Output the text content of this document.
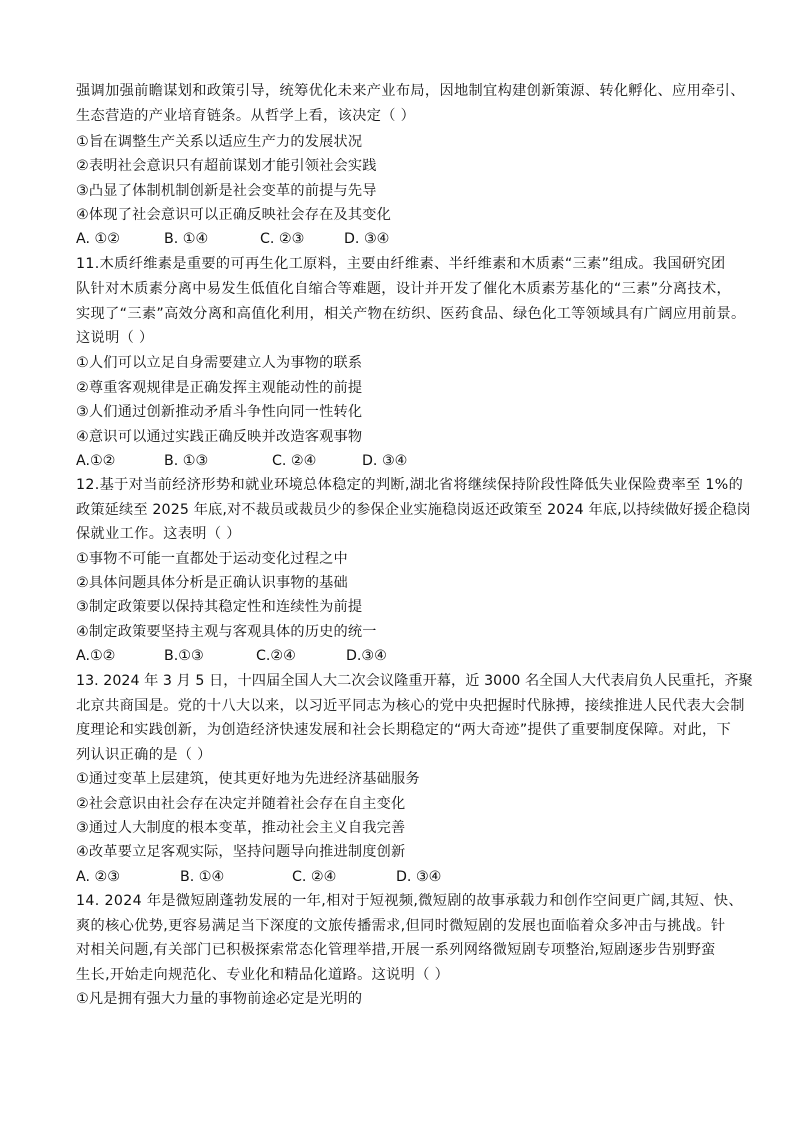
强调加强前瞻谋划和政策引导，统筹优化未来产业布局，因地制宜构建创新策源、转化孵化、应用牵引、
生态营造的产业培育链条。从哲学上看，该决定（ ）
①旨在调整生产关系以适应生产力的发展状况
②表明社会意识只有超前谋划才能引领社会实践
③凸显了体制机制创新是社会变革的前提与先导
④体现了社会意识可以正确反映社会存在及其变化
A. ①②	B. ①④	C. ②③	D. ③④
11.木质纤维素是重要的可再生化工原料，主要由纤维素、半纤维素和木质素“三素”组成。我国研究团
队针对木质素分离中易发生低值化自缩合等难题，设计并开发了催化木质素芳基化的“三素”分离技术，
实现了“三素”高效分离和高值化利用，相关产物在纺织、医药食品、绿色化工等领域具有广阔应用前景。
这说明（ ）
①人们可以立足自身需要建立人为事物的联系
②尊重客观规律是正确发挥主观能动性的前提
③人们通过创新推动矛盾斗争性向同一性转化
④意识可以通过实践正确反映并改造客观事物
A.①②	B. ①③	C. ②④	D. ③④
12.基于对当前经济形势和就业环境总体稳定的判断,湖北省将继续保持阶段性降低失业保险费率至 1%的
政策延续至 2025 年底,对不裁员或裁员少的参保企业实施稳岗返还政策至 2024 年底,以持续做好援企稳岗
保就业工作。这表明（ ）
①事物不可能一直都处于运动变化过程之中
②具体问题具体分析是正确认识事物的基础
③制定政策要以保持其稳定性和连续性为前提
④制定政策要坚持主观与客观具体的历史的统一
A.①②	B.①③	C.②④	D.③④
13. 2024 年 3 月 5 日，十四届全国人大二次会议隆重开幕，近 3000 名全国人大代表肩负人民重托，齐聚
北京共商国是。党的十八大以来，以习近平同志为核心的党中央把握时代脉搏，接续推进人民代表大会制
度理论和实践创新，为创造经济快速发展和社会长期稳定的“两大奇迹”提供了重要制度保障。对此，下
列认识正确的是（ ）
①通过变革上层建筑，使其更好地为先进经济基础服务
②社会意识由社会存在决定并随着社会存在自主变化
③通过人大制度的根本变革，推动社会主义自我完善
④改革要立足客观实际，坚持问题导向推进制度创新
A. ②③	B. ①④	C. ②④	D. ③④
14. 2024 年是微短剧蓬勃发展的一年,相对于短视频,微短剧的故事承载力和创作空间更广阔,其短、快、
爽的核心优势,更容易满足当下深度的文旅传播需求,但同时微短剧的发展也面临着众多冲击与挑战。针
对相关问题,有关部门已积极探索常态化管理举措,开展一系列网络微短剧专项整治,短剧逐步告别野蛮
生长,开始走向规范化、专业化和精品化道路。这说明（ ）
①凡是拥有强大力量的事物前途必定是光明的
